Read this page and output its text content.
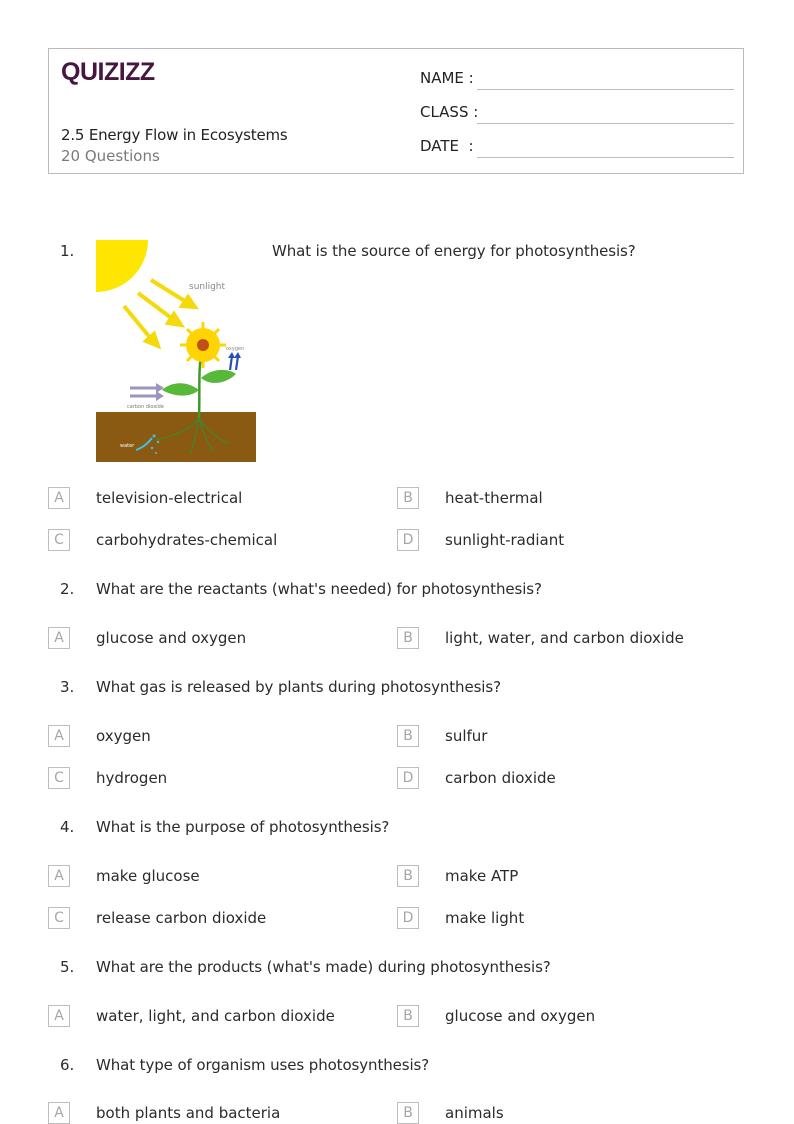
QUIZIZZ
2.5 Energy Flow in Ecosystems
20 Questions
NAME :
CLASS :
DATE  :
1.
sunlight
oxygen
carbon dioxide
water
What is the source of energy for photosynthesis?
A	television-electrical	B	heat-thermal
C	carbohydrates-chemical	D	sunlight-radiant
2. What are the reactants (what's needed) for photosynthesis?
A	glucose and oxygen	B	light, water, and carbon dioxide
3. What gas is released by plants during photosynthesis?
A	oxygen	B	sulfur
C	hydrogen	D	carbon dioxide
4. What is the purpose of photosynthesis?
A	make glucose	B	make ATP
C	release carbon dioxide	D	make light
5. What are the products (what's made) during photosynthesis?
A	water, light, and carbon dioxide	B	glucose and oxygen
6. What type of organism uses photosynthesis?
A	both plants and bacteria	B	animals
